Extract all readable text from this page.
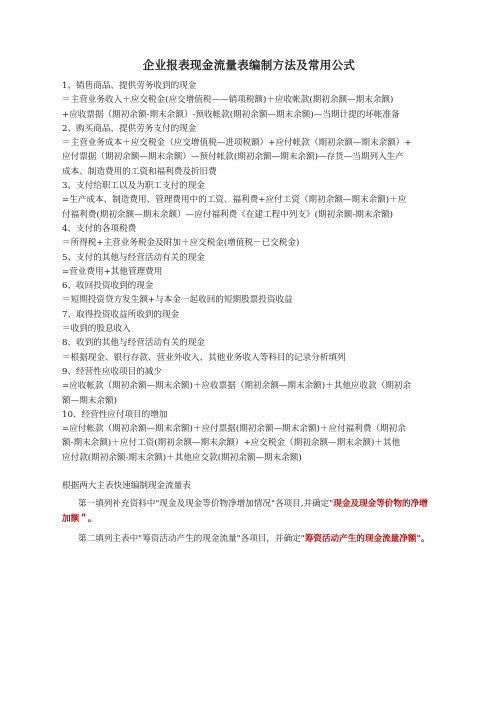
企业报表现金流量表编制方法及常用公式
1、销售商品、提供劳务收到的现金
＝主营业务收入＋应交税金(应交增值税——销项税额)＋应收帐款(期初余额—期末余额)
+应收票据（期初余额-期末余额）-预收帐款(期初余额—期末余额)—当期计提的坏帐准备
2、购买商品、提供劳务支付的现金
＝主营业务成本＋应交税金（应交增值税—进项税额）+应付帐款（期初余额—期末余额）+
应付票据（期初余额—期末余额）—预付帐款(期初余额—期末余额)—存货—当期列入生产
成本、制造费用的工资和福利费及折旧费
3、支付给职工以及为职工支付的现金
=生产成本、制造费用、管理费用中的工资、福利费+应付工资（期初余额—期末余额)＋应
付福利费(期初余额—期末余额）—应付福利费《在建工程中列支》(期初余额-期末余额)
4、支付的各项税费
＝所得税+主营业务税金及附加＋应交税金(增值税－已交税金)
5、支付的其他与经营活动有关的现金
=营业费用+其他管理费用
6、收回投资收到的现金
＝短期投资贷方发生额+与本金一起收回的短期股票投资收益
7、取得投资收益所收到的现金
＝收到的股息收入
8、收到的其他与经营活动有关的现金
＝根据现金、银行存款、营业外收入、其他业务收入等科目的记录分析填列
9、经营性应收项目的减少
=应收帐款（期初余额—期末余额)＋应收票据（期初余额—期末余额)＋其他应收款（期初余
额—期末余额)
10、经营性应付项目的增加
=应付帐款（期初余额—期末余额)＋应付票据(期初余额—期末余额)＋应付福利费（期初余
额-期末余额)＋应付工资(期初余额—期末余额）+应交税金（期初余额—期末余额)＋其他
应付款(期初余额-期末余额)＋其他应交款(期初余额—期末余额)
根据两大主表快速编制现金流量表
第一填列补充资料中"现金及现金等价物净增加情况"各项目,并确定"现金及现金等价物的净增加额＂。
第二填列主表中"筹资活动产生的现金流量"各项目，并确定"筹资活动产生的现金流量净额"。
